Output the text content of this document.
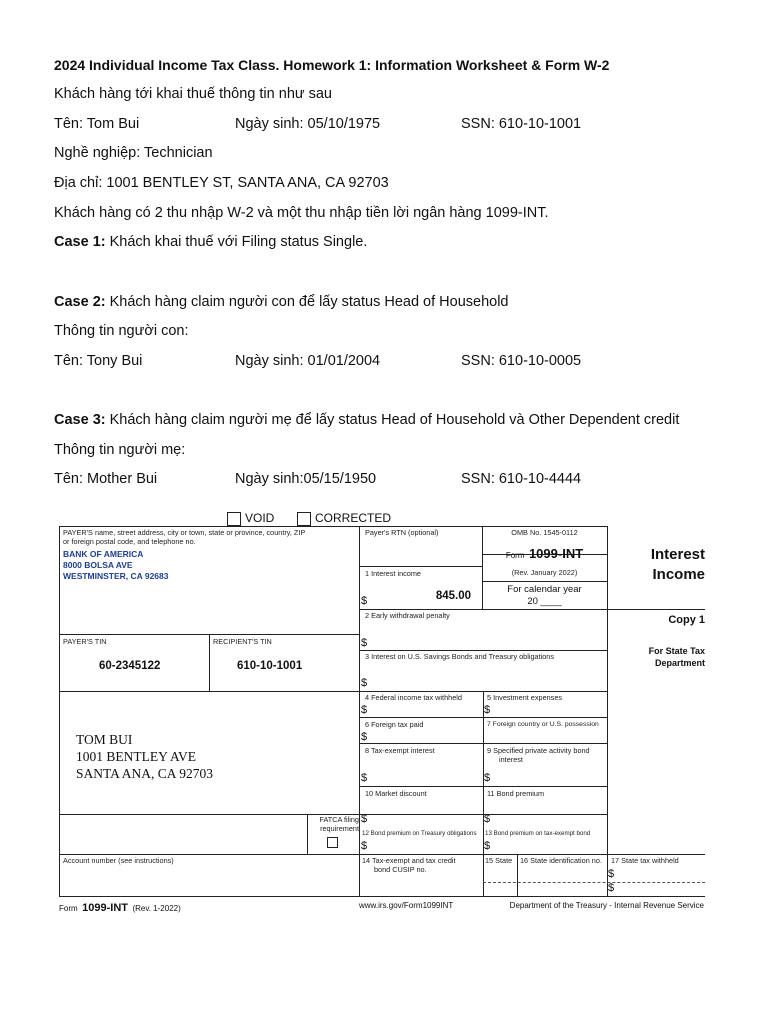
2024 Individual Income Tax Class. Homework 1: Information Worksheet & Form W-2
Khách hàng tới khai thuế thông tin như sau
Tên: Tom Bui	Ngày sinh: 05/10/1975	SSN: 610-10-1001
Nghề nghiệp: Technician
Địa chỉ: 1001 BENTLEY ST, SANTA ANA, CA 92703
Khách hàng có 2 thu nhập W-2 và một thu nhập tiền lời ngân hàng 1099-INT.
Case 1: Khách khai thuế với Filing status Single.
Case 2: Khách hàng claim người con để lấy status Head of Household
Thông tin người con:
Tên: Tony Bui	Ngày sinh: 01/01/2004	SSN: 610-10-0005
Case 3: Khách hàng claim người mẹ để lấy status Head of Household và Other Dependent credit
Thông tin người mẹ:
Tên: Mother Bui	Ngày sinh:05/15/1950	SSN: 610-10-4444
VOID	CORRECTED
PAYER'S name, street address, city or town, state or province, country, ZIP
or foreign postal code, and telephone no.
BANK OF AMERICA
8000 BOLSA AVE
WESTMINSTER, CA 92683
Payer's RTN (optional)	OMB No. 1545-0112
Form 1099-INT
(Rev. January 2022)
For calendar year
20 ____
Interest
Income
Copy 1
For State Tax
Department
1 Interest income
$	845.00
2 Early withdrawal penalty
$
PAYER'S TIN
60-2345122
RECIPIENT'S TIN
610-10-1001
3 Interest on U.S. Savings Bonds and Treasury obligations
$
TOM BUI
1001 BENTLEY AVE
SANTA ANA, CA 92703
4 Federal income tax withheld
$
5 Investment expenses
$
6 Foreign tax paid
$
7 Foreign country or U.S. possession
8 Tax-exempt interest
$
9 Specified private activity bond
interest
$
10 Market discount
$
11 Bond premium
$
FATCA filing
requirement
12 Bond premium on Treasury obligations
$
13 Bond premium on tax-exempt bond
$
Account number (see instructions)	14 Tax-exempt and tax credit
bond CUSIP no.
15 State 16 State identification no. 17 State tax withheld
$
$
Form 1099-INT (Rev. 1-2022)	www.irs.gov/Form1099INT	Department of the Treasury - Internal Revenue Service
